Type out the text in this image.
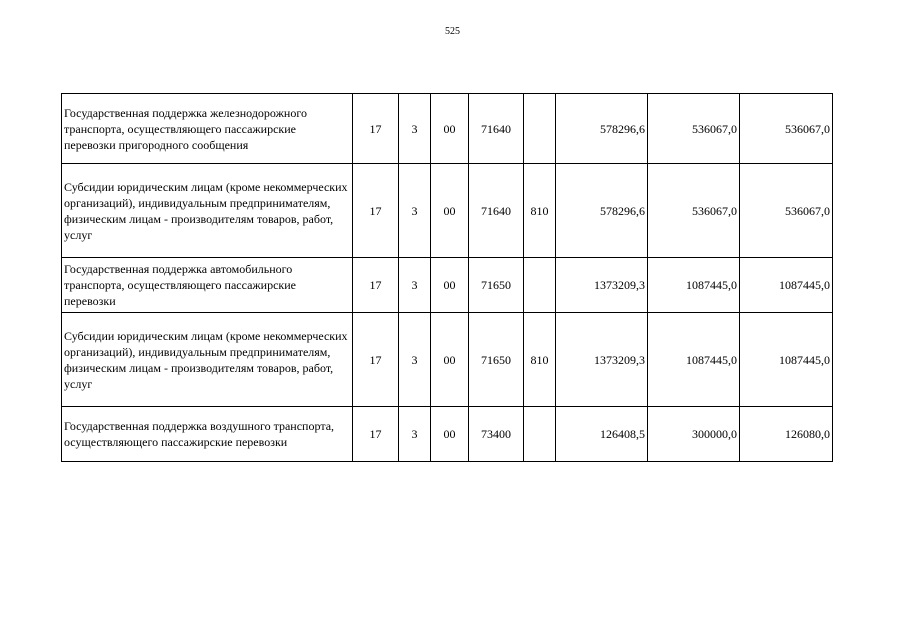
525
Государственная поддержка железнодорожного транспорта, осуществляющего пассажирские перевозки пригородного сообщения	17	3	00	71640		578296,6	536067,0	536067,0
Субсидии юридическим лицам (кроме некоммерческих организаций), индивидуальным предпринимателям, физическим лицам - производителям товаров, работ, услуг	17	3	00	71640	810	578296,6	536067,0	536067,0
Государственная поддержка автомобильного транспорта, осуществляющего пассажирские перевозки	17	3	00	71650		1373209,3	1087445,0	1087445,0
Субсидии юридическим лицам (кроме некоммерческих организаций), индивидуальным предпринимателям, физическим лицам - производителям товаров, работ, услуг	17	3	00	71650	810	1373209,3	1087445,0	1087445,0
Государственная поддержка воздушного транспорта, осуществляющего пассажирские перевозки	17	3	00	73400		126408,5	300000,0	126080,0
